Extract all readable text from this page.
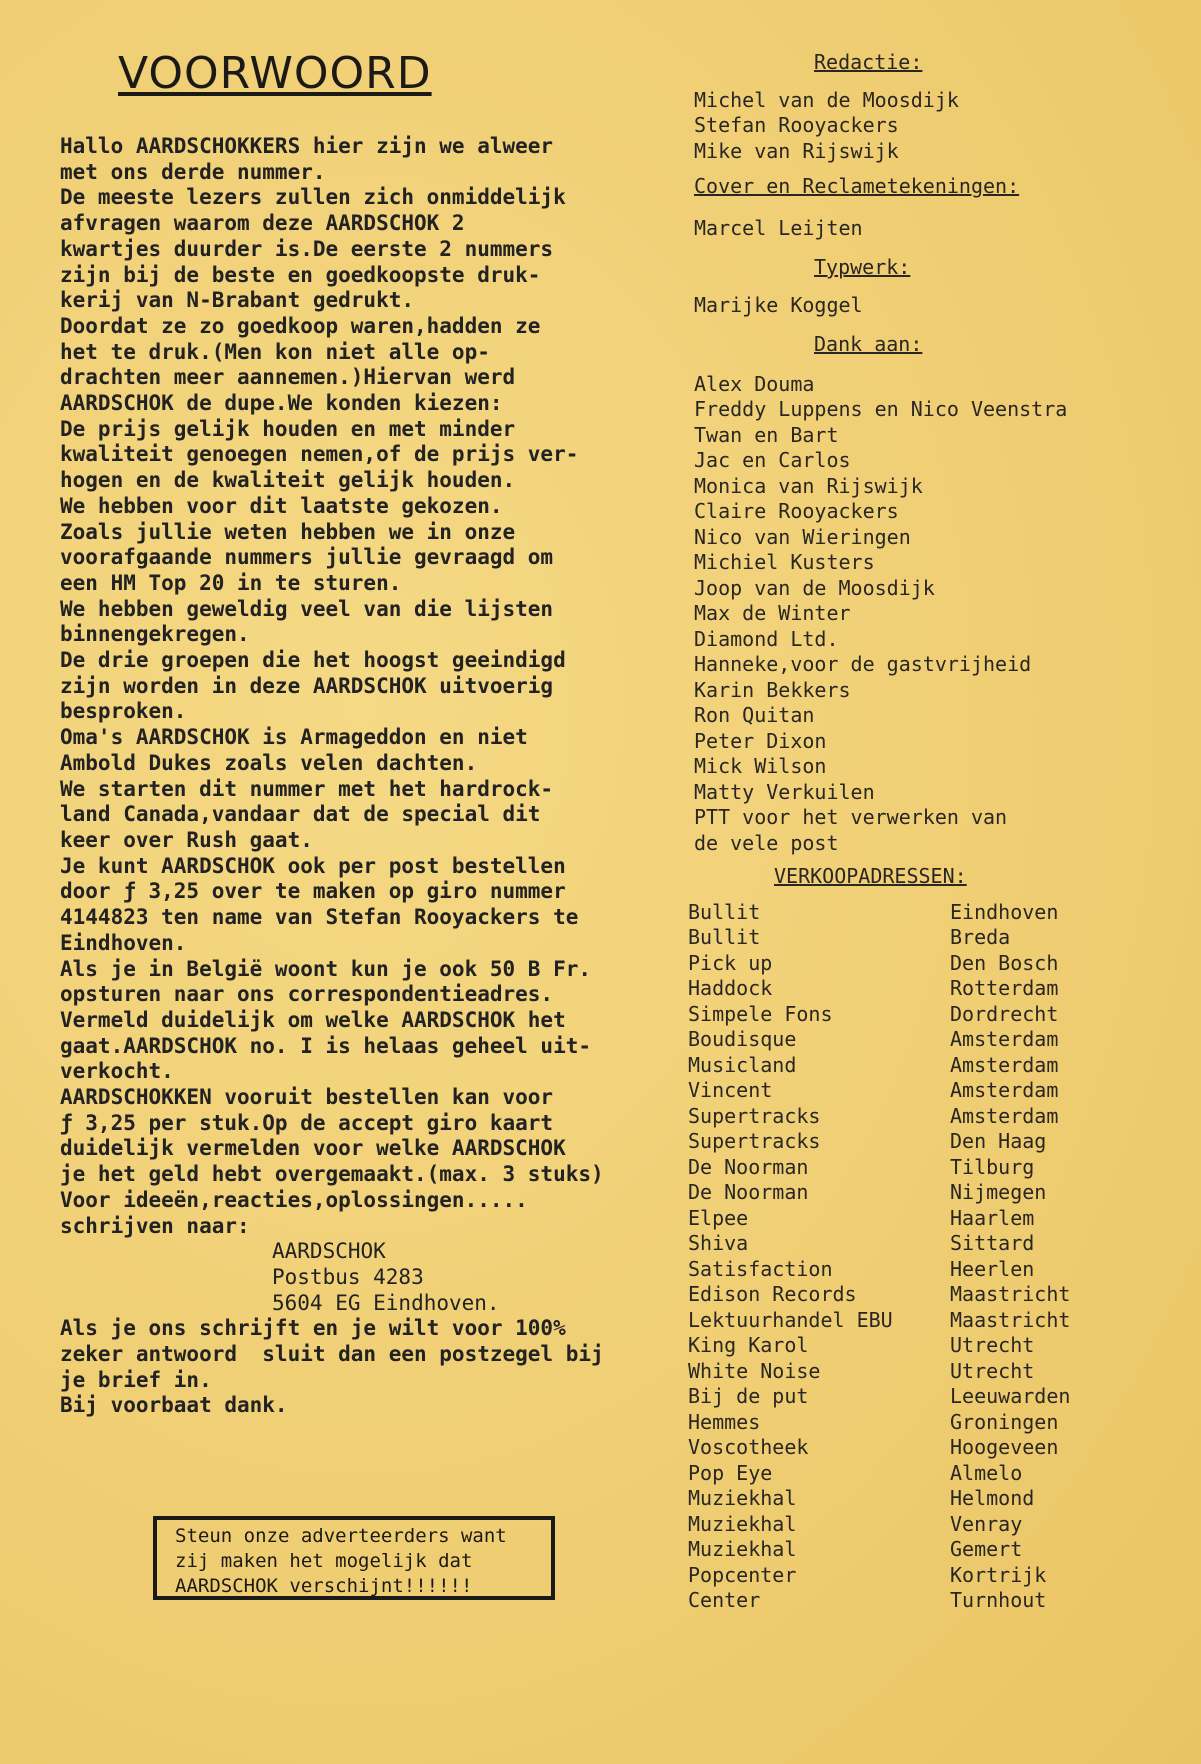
VOORWOORD
Hallo AARDSCHOKKERS hier zijn we alweer
met ons derde nummer.
De meeste lezers zullen zich onmiddelijk
afvragen waarom deze AARDSCHOK 2
kwartjes duurder is.De eerste 2 nummers
zijn bij de beste en goedkoopste druk-
kerij van N-Brabant gedrukt.
Doordat ze zo goedkoop waren,hadden ze
het te druk.(Men kon niet alle op-
drachten meer aannemen.)Hiervan werd
AARDSCHOK de dupe.We konden kiezen:
De prijs gelijk houden en met minder
kwaliteit genoegen nemen,of de prijs ver-
hogen en de kwaliteit gelijk houden.
We hebben voor dit laatste gekozen.
Zoals jullie weten hebben we in onze
voorafgaande nummers jullie gevraagd om
een HM Top 20 in te sturen.
We hebben geweldig veel van die lijsten
binnengekregen.
De drie groepen die het hoogst geeindigd
zijn worden in deze AARDSCHOK uitvoerig
besproken.
Oma's AARDSCHOK is Armageddon en niet
Ambold Dukes zoals velen dachten.
We starten dit nummer met het hardrock-
land Canada,vandaar dat de special dit
keer over Rush gaat.
Je kunt AARDSCHOK ook per post bestellen
door ƒ 3,25 over te maken op giro nummer
4144823 ten name van Stefan Rooyackers te
Eindhoven.
Als je in België woont kun je ook 50 B Fr.
opsturen naar ons correspondentieadres.
Vermeld duidelijk om welke AARDSCHOK het
gaat.AARDSCHOK no. I is helaas geheel uit-
verkocht.
AARDSCHOKKEN vooruit bestellen kan voor
ƒ 3,25 per stuk.Op de accept giro kaart
duidelijk vermelden voor welke AARDSCHOK
je het geld hebt overgemaakt.(max. 3 stuks)
Voor ideeën,reacties,oplossingen.....
schrijven naar:
AARDSCHOK
Postbus 4283
5604 EG Eindhoven.
Als je ons schrijft en je wilt voor 100%
zeker antwoord  sluit dan een postzegel bij
je brief in.
Bij voorbaat dank.
Steun onze adverteerders want
zij maken het mogelijk dat
AARDSCHOK verschijnt!!!!!!
Redactie:
Michel van de Moosdijk
Stefan Rooyackers
Mike van Rijswijk
Cover en Reclametekeningen:
Marcel Leijten
Typwerk:
Marijke Koggel
Dank aan:
Alex Douma
Freddy Luppens en Nico Veenstra
Twan en Bart
Jac en Carlos
Monica van Rijswijk
Claire Rooyackers
Nico van Wieringen
Michiel Kusters
Joop van de Moosdijk
Max de Winter
Diamond Ltd.
Hanneke,voor de gastvrijheid
Karin Bekkers
Ron Quitan
Peter Dixon
Mick Wilson
Matty Verkuilen
PTT voor het verwerken van
de vele post
VERKOOPADRESSEN:
Bullit	Eindhoven
Bullit	Breda
Pick up	Den Bosch
Haddock	Rotterdam
Simpele Fons	Dordrecht
Boudisque	Amsterdam
Musicland	Amsterdam
Vincent	Amsterdam
Supertracks	Amsterdam
Supertracks	Den Haag
De Noorman	Tilburg
De Noorman	Nijmegen
Elpee	Haarlem
Shiva	Sittard
Satisfaction	Heerlen
Edison Records	Maastricht
Lektuurhandel EBU	Maastricht
King Karol	Utrecht
White Noise	Utrecht
Bij de put	Leeuwarden
Hemmes	Groningen
Voscotheek	Hoogeveen
Pop Eye	Almelo
Muziekhal	Helmond
Muziekhal	Venray
Muziekhal	Gemert
Popcenter	Kortrijk
Center	Turnhout
